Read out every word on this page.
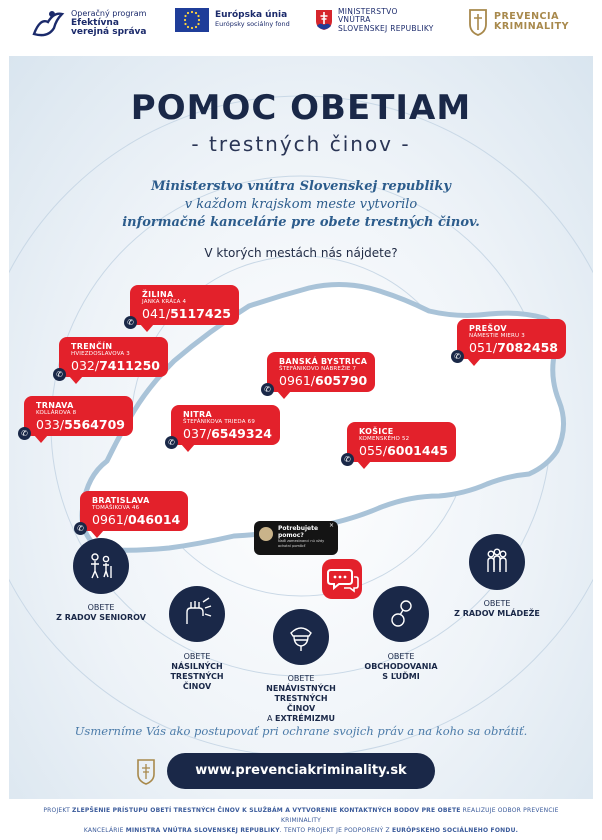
Operačný program
Efektívna
verejná správa
Európska únia
Európsky sociálny fond
MINISTERSTVO
VNÚTRA
SLOVENSKEJ REPUBLIKY
PREVENCIA
KRIMINALITY
POMOC OBETIAM
- trestných činov -
Ministerstvo vnútra Slovenskej republiky
v každom krajskom meste vytvorilo
informačné kancelárie pre obete trestných činov.
V ktorých mestách nás nájdete?
ŽILINA
JANKA KRÁĽA 4
041/5117425
✆
PREŠOV
NÁMESTIE MIERU 3
051/7082458
✆
TRENČÍN
HVIEZDOSLAVOVA 3
032/7411250
✆
BANSKÁ BYSTRICA
ŠTEFÁNIKOVO NÁBREŽIE 7
0961/605790
✆
TRNAVA
KOLLÁROVA 8
033/5564709
✆
NITRA
ŠTEFÁNIKOVA TRIEDA 69
037/6549324
✆
KOŠICE
KOMENSKÉHO 52
055/6001445
✆
BRATISLAVA
TOMÁŠIKOVA 46
0961/046014
✆	Potrebujete
pomoc?
Nađi zamestnanci nú vždy ochotní pomôcť
×
OBETE
Z RADOV SENIOROV
OBETE
NÁSILNÝCH TRESTNÝCH ČINOV
OBETE
NENÁVISTNÝCH TRESTNÝCH ČINOV
A EXTRÉMIZMU
OBETE
OBCHODOVANIA S ĽUĎMI
OBETE
Z RADOV MLÁDEŽE
Usmerníme Vás ako postupovať pri ochrane svojich práv a na koho sa obrátiť.
www.prevenciakriminality.sk
PROJEKT ZLEPŠENIE PRÍSTUPU OBETÍ TRESTNÝCH ČINOV K SLUŽBÁM A VYTVORENIE KONTAKTNÝCH BODOV PRE OBETE REALIZUJE ODBOR PREVENCIE KRIMINALITY
KANCELÁRIE MINISTRA VNÚTRA SLOVENSKEJ REPUBLIKY. TENTO PROJEKT JE PODPORENÝ Z EURÓPSKEHO SOCIÁLNEHO FONDU.
